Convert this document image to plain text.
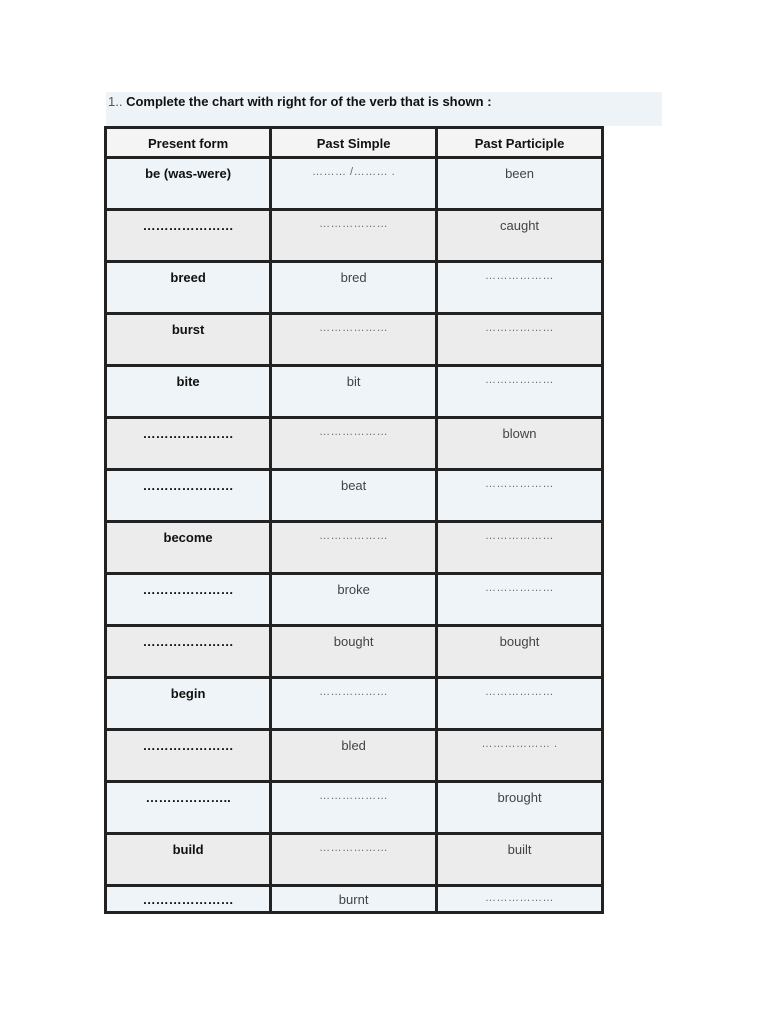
1.. Complete the chart with right for of the verb that is shown :
Present form	Past Simple	Past Participle
be (was-were)	……… /……… .	been
…………………	………………	caught
breed	bred	………………
burst	………………	………………
bite	bit	………………
…………………	………………	blown
…………………	beat	………………
become	………………	………………
…………………	broke	………………
…………………	bought	bought
begin	………………	………………
…………………	bled	……………… .
………………..	………………	brought
build	………………	built
…………………	burnt	………………
